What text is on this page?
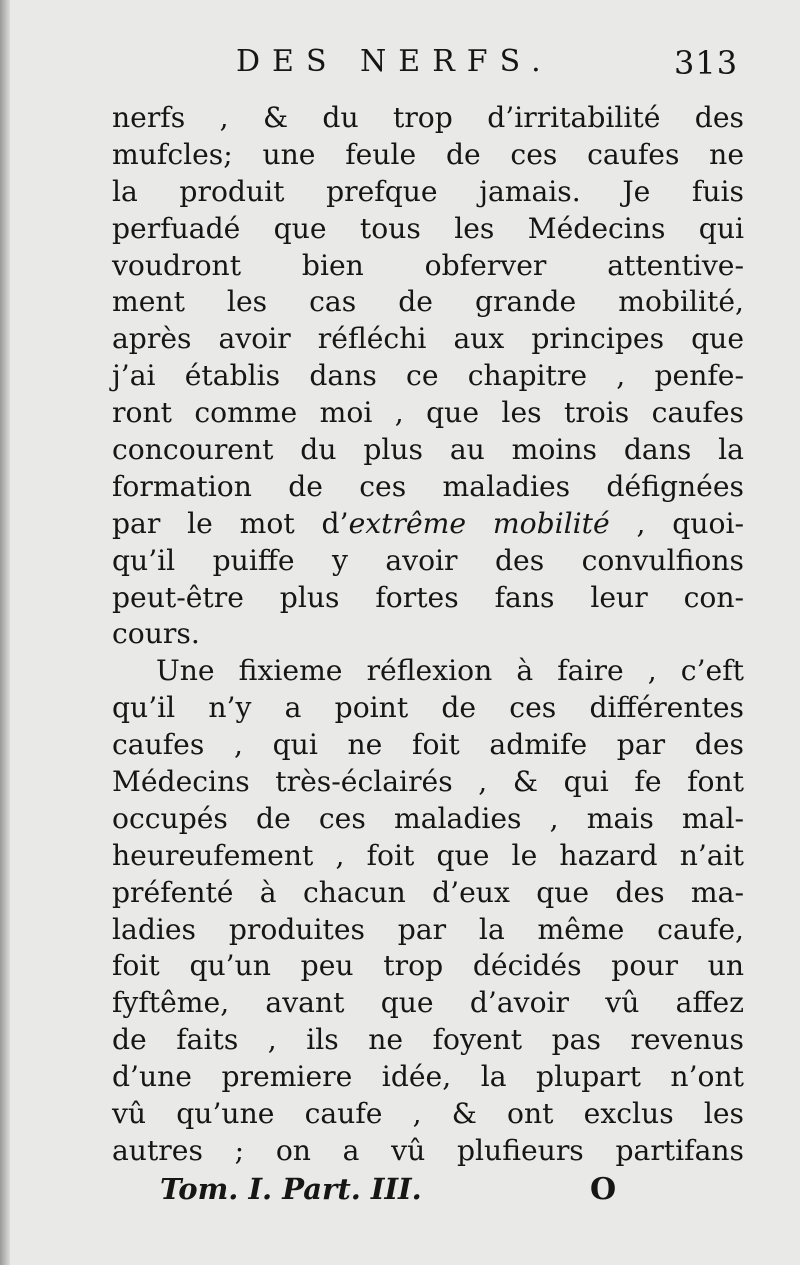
DES NERFS.	313
nerfs , & du trop d’irritabilité des
mufcles; une feule de ces caufes ne
la produit prefque jamais. Je fuis
perfuadé que tous les Médecins qui
voudront bien obferver attentive-
ment les cas de grande mobilité,
après avoir réfléchi aux principes que
j’ai établis dans ce chapitre , penfe-
ront comme moi , que les trois caufes
concourent du plus au moins dans la
formation de ces maladies défignées
par le mot d’extrême mobilité , quoi-
qu’il puiffe y avoir des convulfions
peut-être plus fortes fans leur con-
cours.
Une fixieme réflexion à faire , c’eft
qu’il n’y a point de ces différentes
caufes , qui ne foit admife par des
Médecins très-éclairés , & qui fe font
occupés de ces maladies , mais mal-
heureufement , foit que le hazard n’ait
préfenté à chacun d’eux que des ma-
ladies produites par la même caufe,
foit qu’un peu trop décidés pour un
fyftême, avant que d’avoir vû affez
de faits , ils ne foyent pas revenus
d’une premiere idée, la plupart n’ont
vû qu’une caufe , & ont exclus les
autres ; on a vû plufieurs partifans
Tom. I. Part. III.	O
